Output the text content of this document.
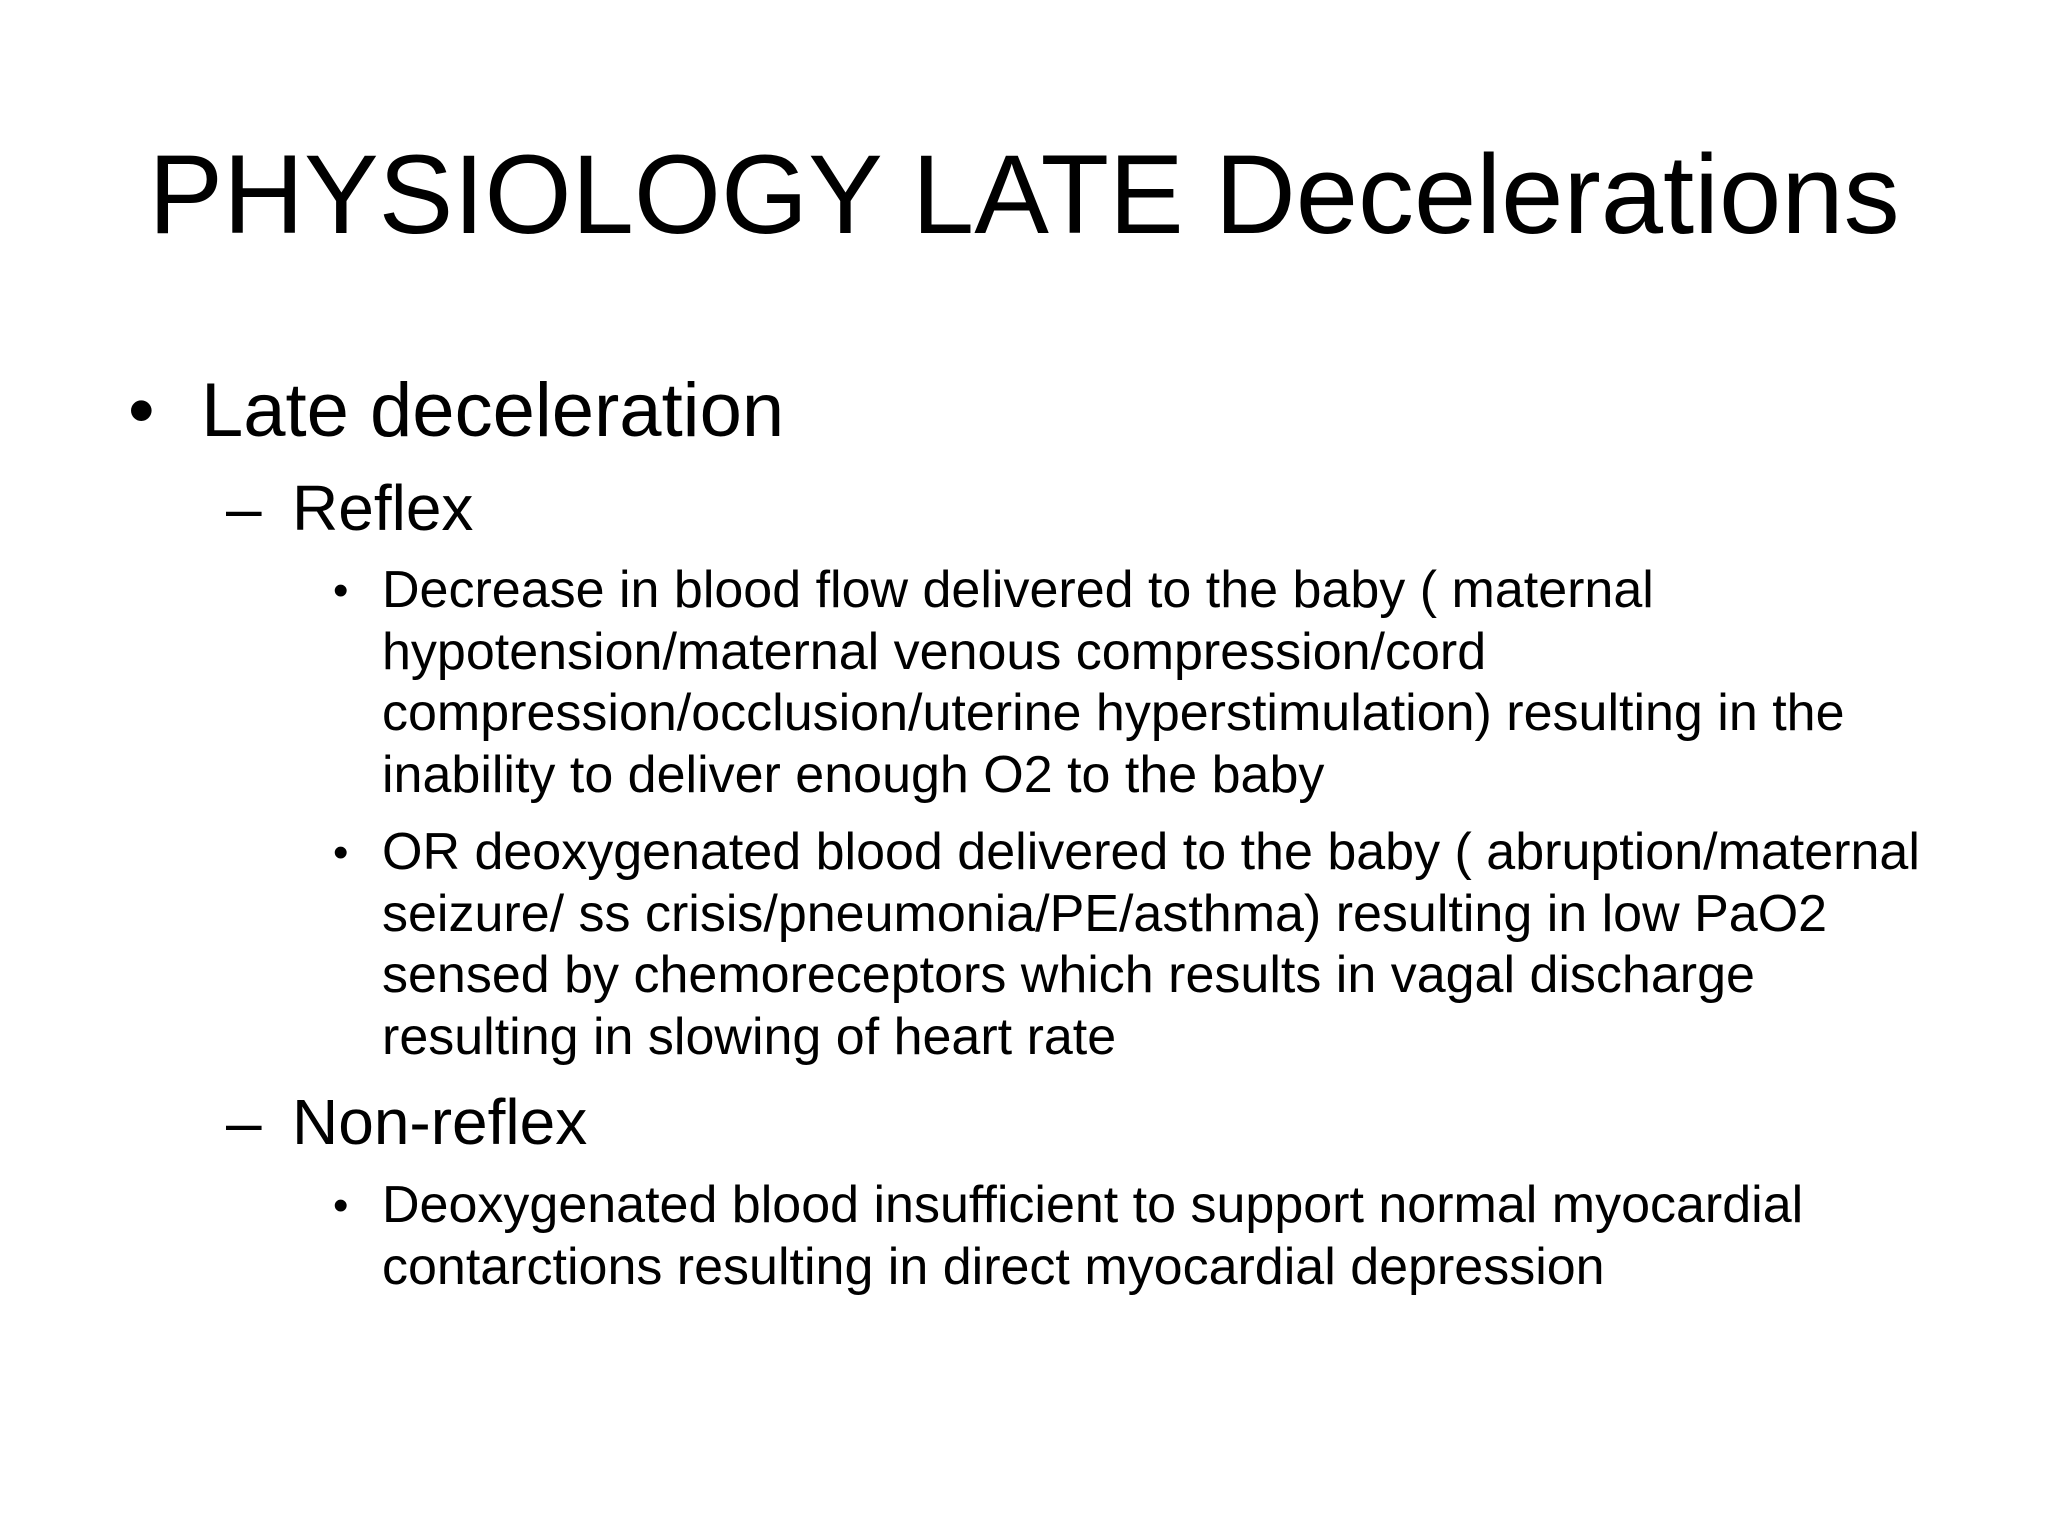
PHYSIOLOGY LATE Decelerations
• Late deceleration
– Reflex
• Decrease in blood flow delivered to the baby ( maternal hypotension/maternal venous compression/cord compression/occlusion/uterine hyperstimulation) resulting in the inability to deliver enough O2 to the baby
• OR deoxygenated blood delivered to the baby ( abruption/maternal seizure/ ss crisis/pneumonia/PE/asthma) resulting in low PaO2 sensed by chemoreceptors which results in vagal discharge resulting in slowing of heart rate
– Non-reflex
• Deoxygenated blood insufficient to support normal myocardial contarctions resulting in direct myocardial depression
